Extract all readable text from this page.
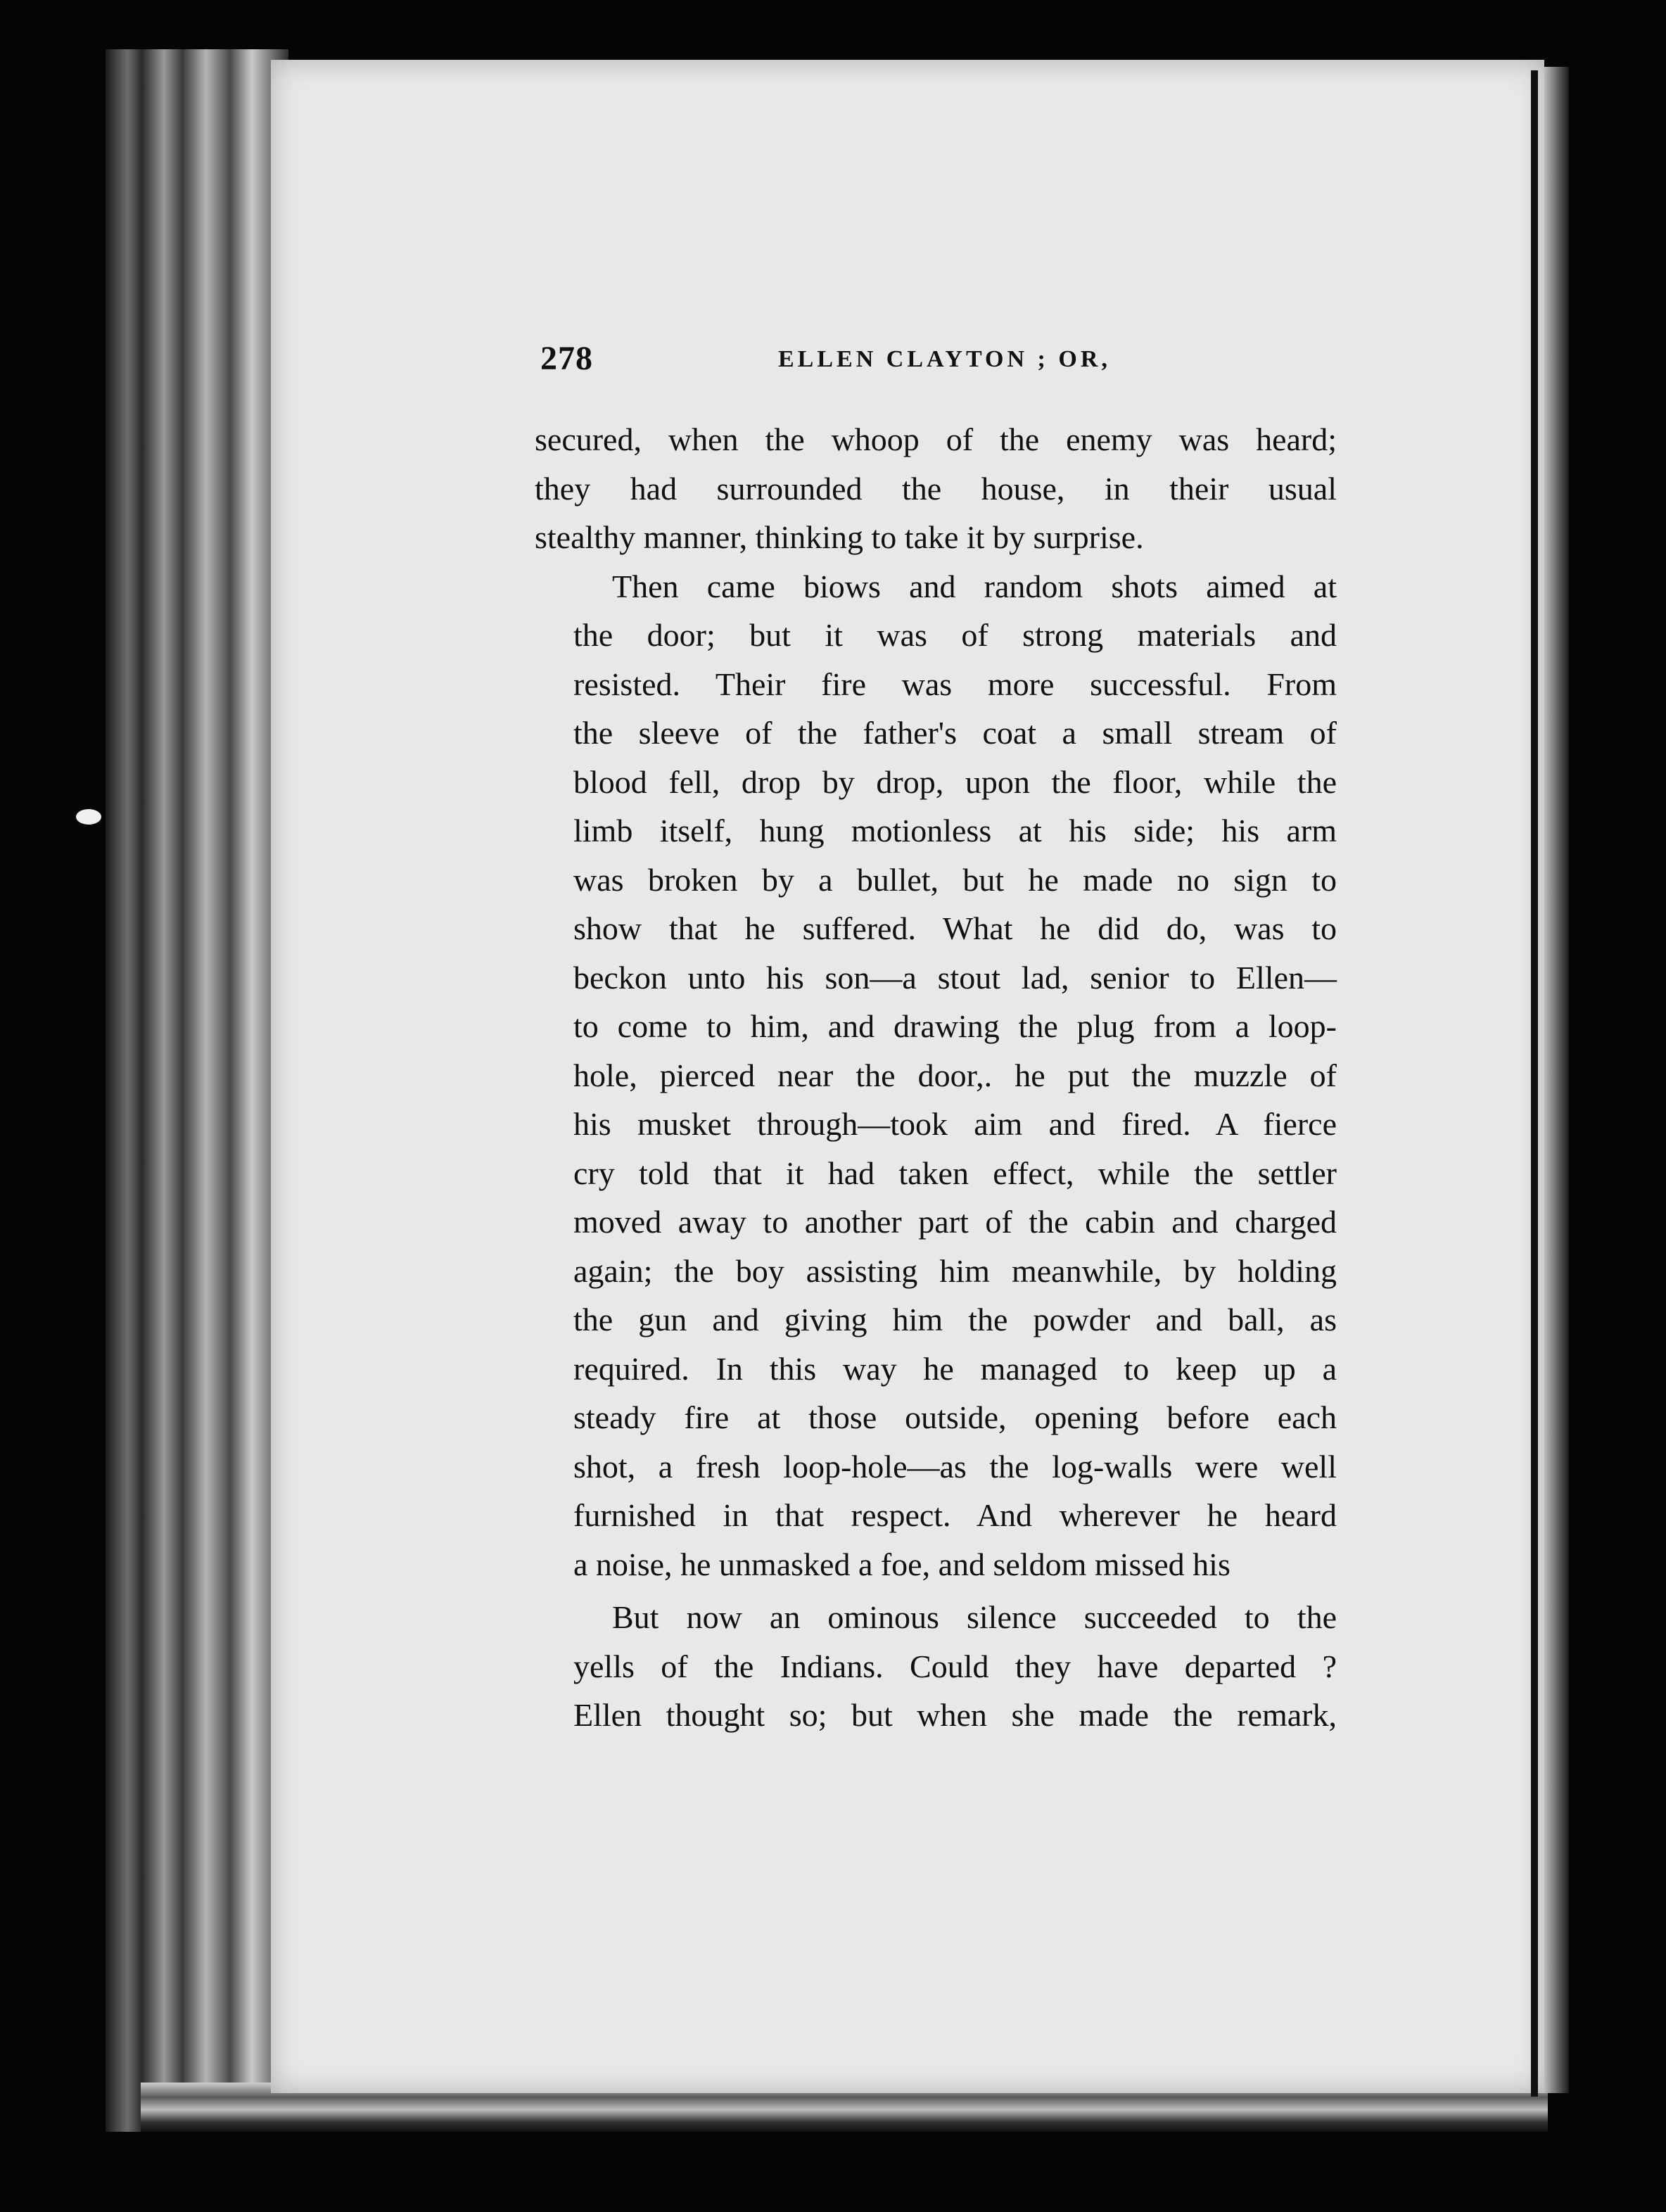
278	ELLEN CLAYTON ; OR,

secured, when the whoop of the enemy was heard;
they had surrounded the house, in their usual
stealthy manner, thinking to take it by surprise.

Then came biows and random shots aimed at
the door; but it was of strong materials and
resisted. Their fire was more successful. From
the sleeve of the father's coat a small stream of
blood fell, drop by drop, upon the floor, while the
limb itself, hung motionless at his side; his arm
was broken by a bullet, but he made no sign to
show that he suffered. What he did do, was to
beckon unto his son—a stout lad, senior to Ellen—
to come to him, and drawing the plug from a loop-
hole, pierced near the door,. he put the muzzle of
his musket through—took aim and fired. A fierce
cry told that it had taken effect, while the settler
moved away to another part of the cabin and charged
again; the boy assisting him meanwhile, by holding
the gun and giving him the powder and ball, as
required. In this way he managed to keep up a
steady fire at those outside, opening before each
shot, a fresh loop-hole—as the log-walls were well
furnished in that respect. And wherever he heard
a noise, he unmasked a foe, and seldom missed his

But now an ominous silence succeeded to the
yells of the Indians. Could they have departed ?
Ellen thought so; but when she made the remark,
